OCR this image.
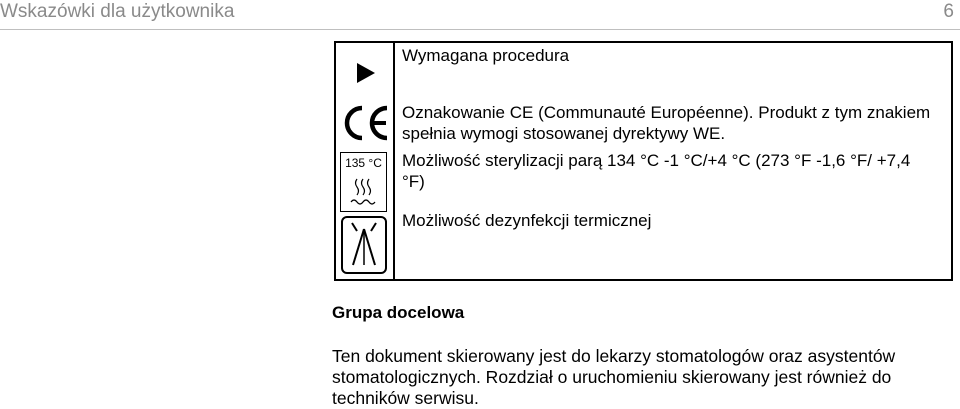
Wskazówki dla użytkownika	6
135 °C
Wymagana procedura
Oznakowanie CE (Communauté Européenne). Produkt z tym znakiem spełnia wymogi stosowanej dyrektywy WE.
Możliwość sterylizacji parą 134 °C -1 °C/+4 °C (273 °F -1,6 °F/ +7,4 °F)
Możliwość dezynfekcji termicznej
Grupa docelowa
Ten dokument skierowany jest do lekarzy stomatologów oraz asystentów stomatologicznych. Rozdział o uruchomieniu skierowany jest również do techników serwisu.
